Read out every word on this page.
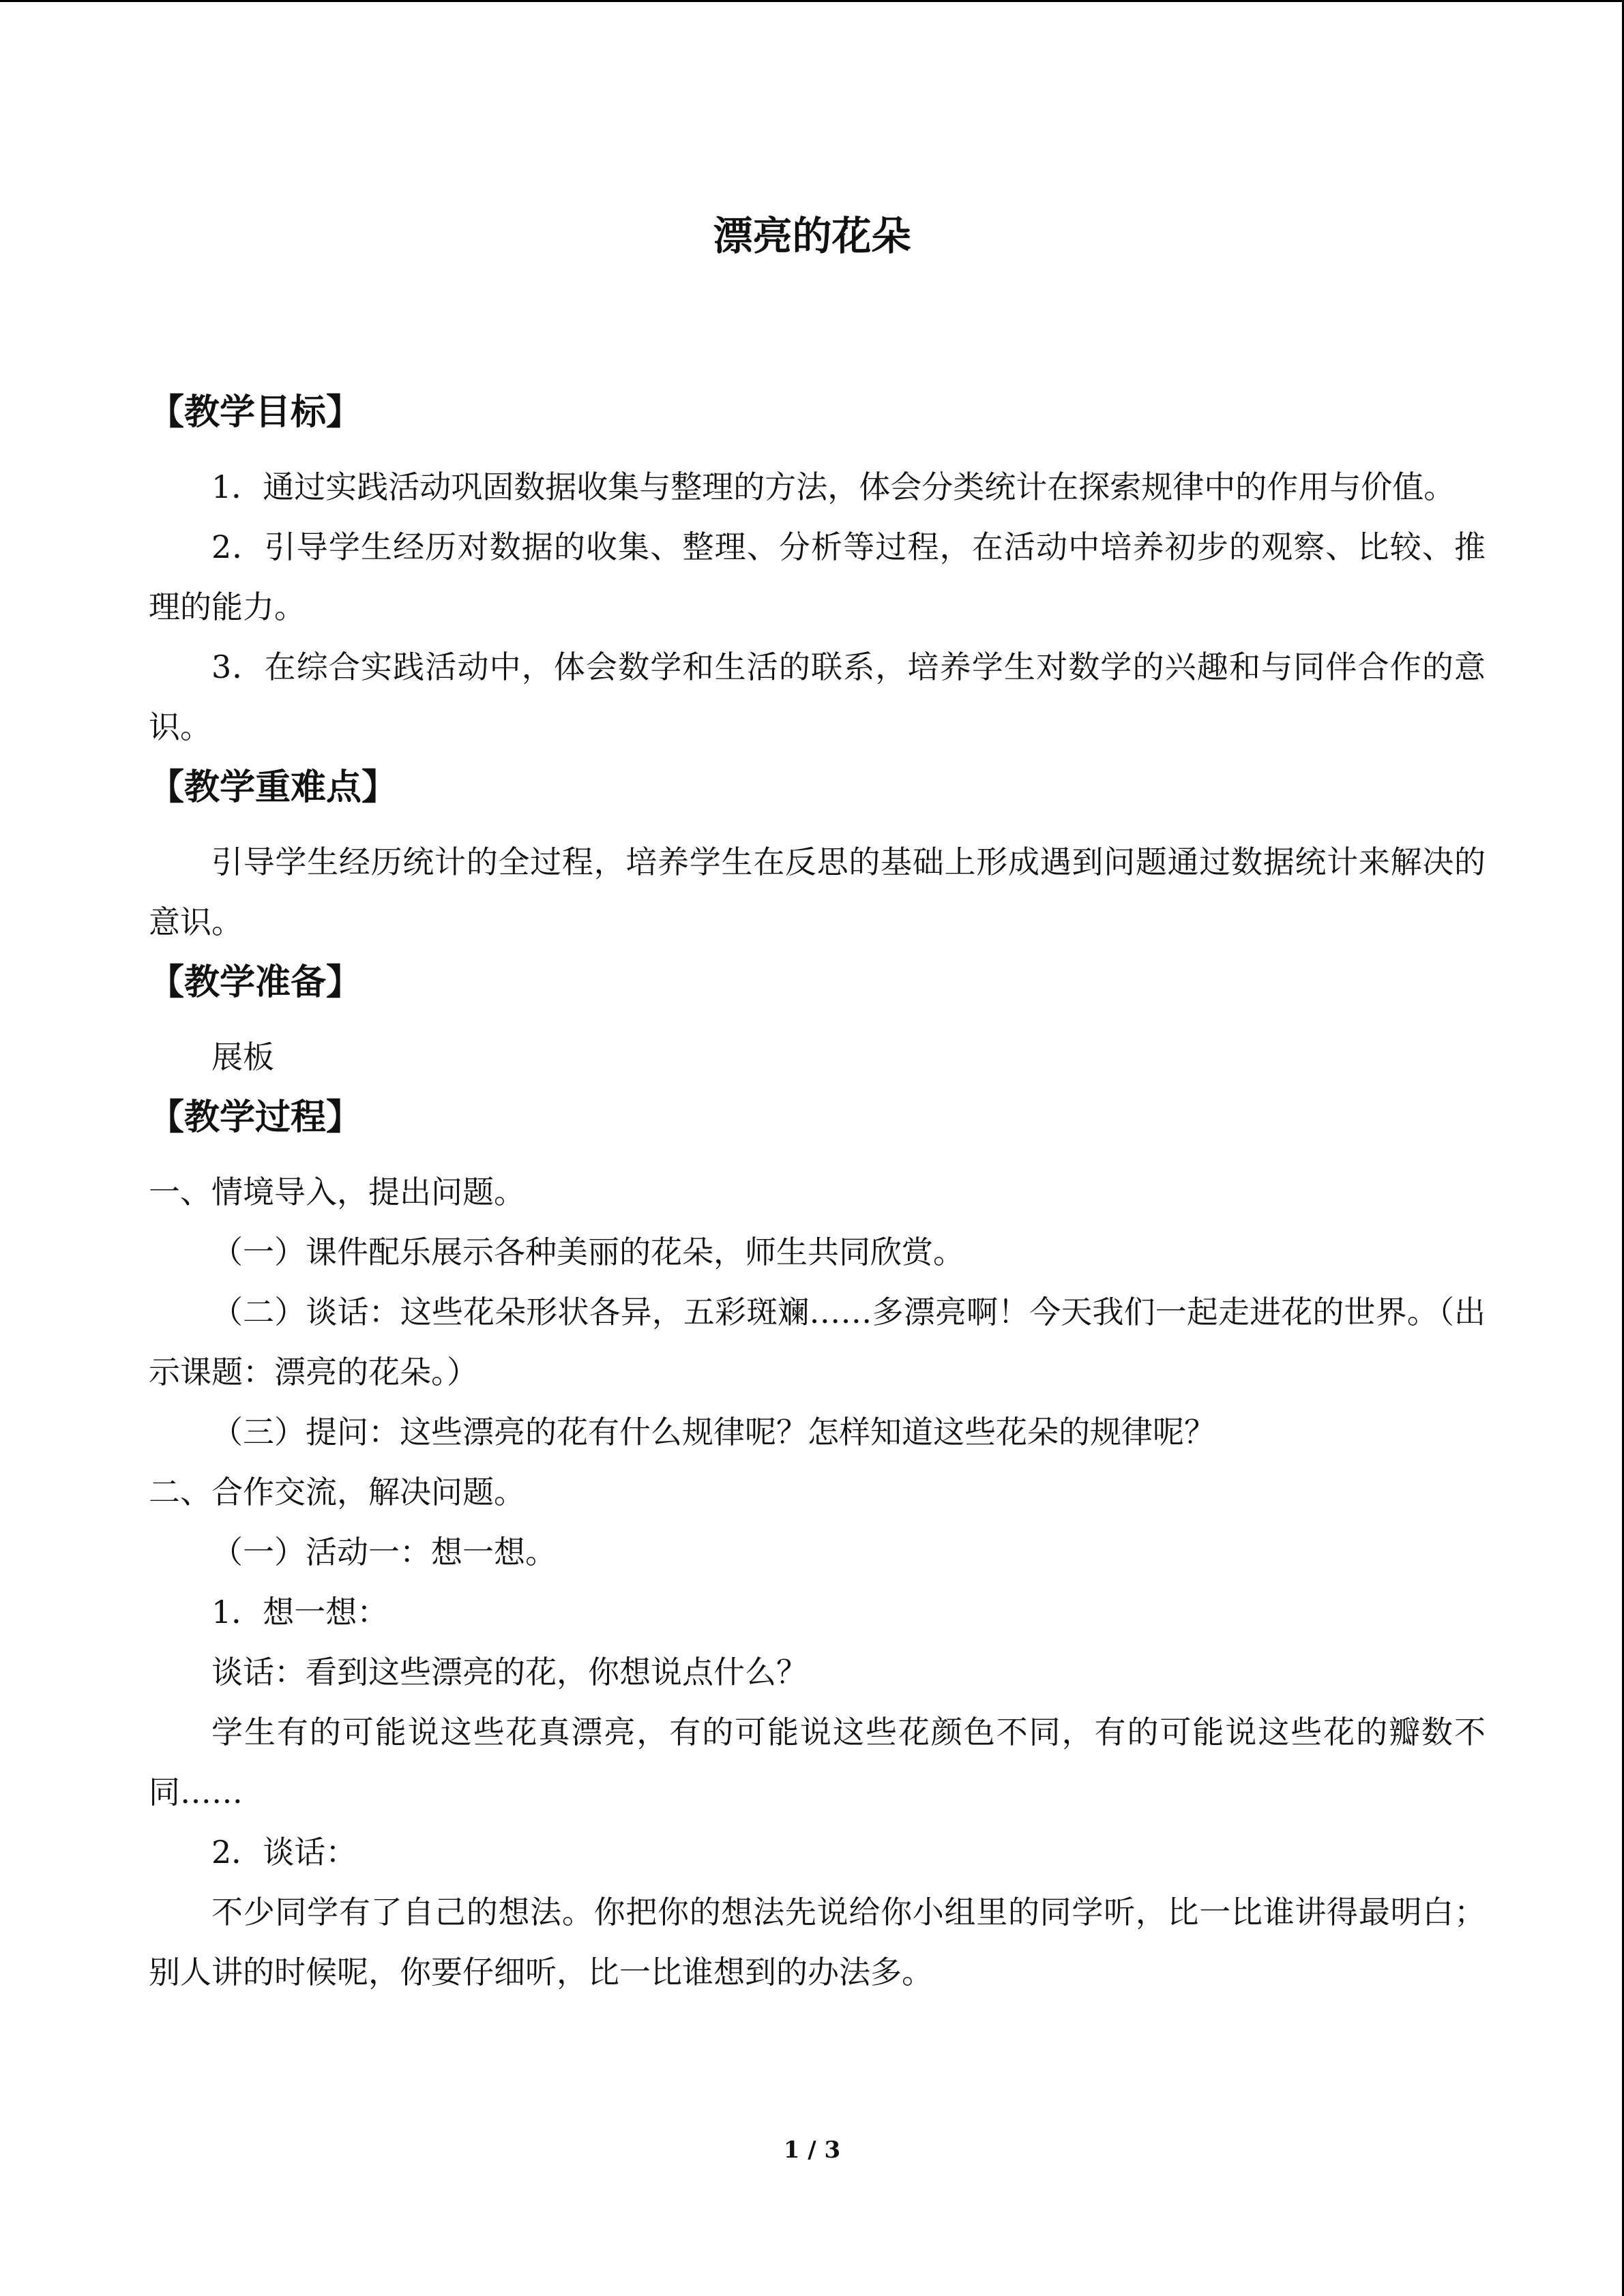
漂亮的花朵
【教学目标】

1．通过实践活动巩固数据收集与整理的方法，体会分类统计在探索规律中的作用与价值。

2．引导学生经历对数据的收集、整理、分析等过程，在活动中培养初步的观察、比较、推理的能力。

3．在综合实践活动中，体会数学和生活的联系，培养学生对数学的兴趣和与同伴合作的意识。

【教学重难点】

引导学生经历统计的全过程，培养学生在反思的基础上形成遇到问题通过数据统计来解决的意识。

【教学准备】

展板

【教学过程】

一、情境导入，提出问题。

（一）课件配乐展示各种美丽的花朵，师生共同欣赏。

（二）谈话：这些花朵形状各异，五彩斑斓……多漂亮啊！今天我们一起走进花的世界。（出示课题：漂亮的花朵。）

（三）提问：这些漂亮的花有什么规律呢？怎样知道这些花朵的规律呢？

二、合作交流，解决问题。

（一）活动一：想一想。

1．想一想：

谈话：看到这些漂亮的花，你想说点什么？

学生有的可能说这些花真漂亮，有的可能说这些花颜色不同，有的可能说这些花的瓣数不同……

2．谈话：

不少同学有了自己的想法。你把你的想法先说给你小组里的同学听，比一比谁讲得最明白；别人讲的时候呢，你要仔细听，比一比谁想到的办法多。

1 / 3
